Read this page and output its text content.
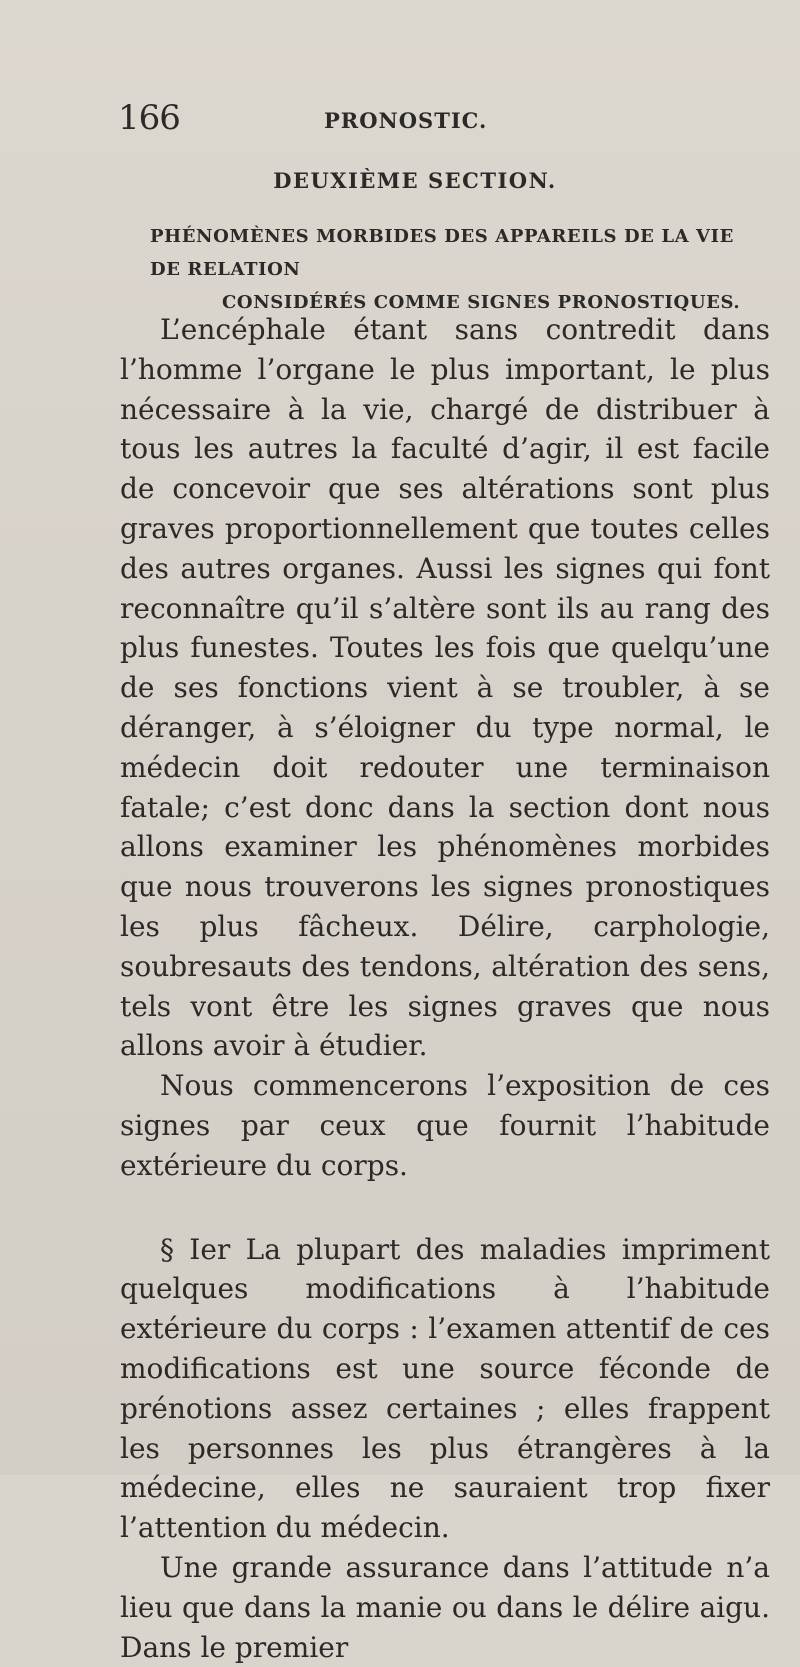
166	PRONOSTIC.
DEUXIÈME SECTION.
PHÉNOMÈNES MORBIDES DES APPAREILS DE LA VIE DE RELATION
CONSIDÉRÉS COMME SIGNES PRONOSTIQUES.

L’encéphale étant sans contredit dans l’homme l’organe le plus important, le plus nécessaire à la vie, chargé de distribuer à tous les autres la faculté d’agir, il est facile de concevoir que ses altérations sont plus graves proportionnellement que toutes celles des autres organes. Aussi les signes qui font reconnaître qu’il s’altère sont ils au rang des plus funestes. Toutes les fois que quelqu’une de ses fonctions vient à se troubler, à se déranger, à s’éloigner du type normal, le médecin doit redouter une terminaison fatale; c’est donc dans la section dont nous allons examiner les phénomènes morbides que nous trouverons les signes pronostiques les plus fâcheux. Délire, carphologie, soubresauts des tendons, altération des sens, tels vont être les signes graves que nous allons avoir à étudier.

Nous commencerons l’exposition de ces signes par ceux que fournit l’habitude extérieure du corps.

§ Ier La plupart des maladies impriment quelques modifications à l’habitude extérieure du corps : l’examen attentif de ces modifications est une source féconde de prénotions assez certaines ; elles frappent les personnes les plus étrangères à la médecine, elles ne sauraient trop fixer l’attention du médecin.

Une grande assurance dans l’attitude n’a lieu que dans la manie ou dans le délire aigu. Dans le premier
